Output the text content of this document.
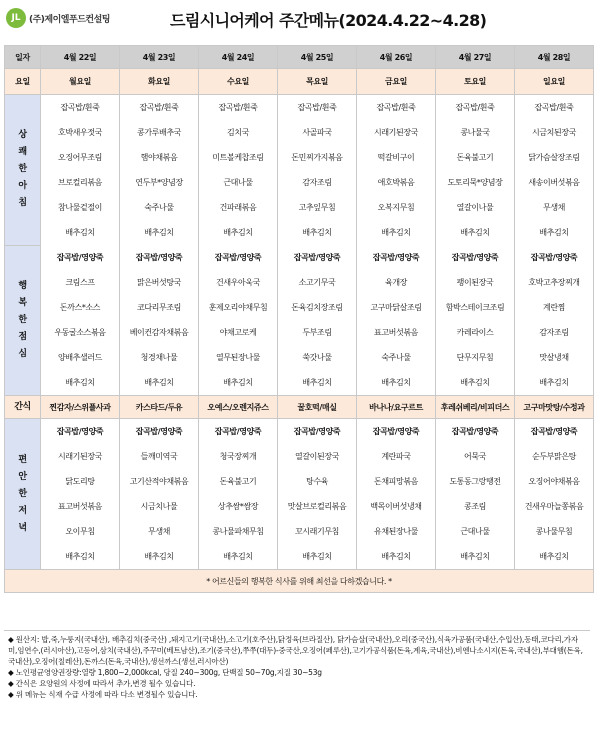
JL (주)제이엘푸드컨설팅	드림시니어케어 주간메뉴(2024.4.22~4.28)
일자	4월 22일	4월 23일	4월 24일	4월 25일	4월 26일	4월 27일	4월 28일
요일	월요일	화요일	수요일	목요일	금요일	토요일	일요일

상
쾌
한
아
침	잡곡밥/흰죽	잡곡밥/흰죽	잡곡밥/흰죽	잡곡밥/흰죽	잡곡밥/흰죽	잡곡밥/흰죽	잡곡밥/흰죽
	호박새우젓국	콩가루배추국	김치국	사골파국	시래기된장국	콩나물국	시금치된장국
	오징어무조림	햄야채볶음	미트볼케찹조림	돈민찌가지볶음	떡갈비구이	돈육불고기	닭가슴살장조림
	브로컬리볶음	연두부*양념장	근대나물	감자조림	애호박볶음	도토리묵*양념장	새송이버섯볶음
	참나물겉절이	숙주나물	건파래볶음	고추잎무침	오복지무침	열갈이나물	무생채
	배추김치	배추김치	배추김치	배추김치	배추김치	배추김치	배추김치

행
복
한
점
심	잡곡밥/영양죽	잡곡밥/영양죽	잡곡밥/영양죽	잡곡밥/영양죽	잡곡밥/영양죽	잡곡밥/영양죽	잡곡밥/영양죽
	크림스프	맑은버섯탕국	건새우아욱국	소고기무국	육개장	팽이된장국	호박고추장찌개
	돈까스*소스	코다리무조림	훈제오리야채무침	돈육김치장조림	고구마닭살조림	함박스테이크조림	계란찜
	우동굴소스볶음	베이컨감자채볶음	야채고로케	두부조림	표고버섯볶음	카레라이스	감자조림
	양배추샐러드	청경채나물	열무된장나물	쑥갓나물	숙주나물	단무지무침	맛살냉채
	배추김치	배추김치	배추김치	배추김치	배추김치	배추김치	배추김치
간식	찐감자/스위플사과	카스타드/두유	오예스/오렌지쥬스	꿀호떡/매실	바나나/요구르트	후레쉬베리/비피더스	고구마맛탕/수정과

편
안
한
저
녁	잡곡밥/영양죽	잡곡밥/영양죽	잡곡밥/영양죽	잡곡밥/영양죽	잡곡밥/영양죽	잡곡밥/영양죽	잡곡밥/영양죽
	시래기된장국	들깨미역국	청국장찌개	열갈이된장국	계란파국	어묵국	순두부맑은탕
	닭도리탕	고기산적야채볶음	돈육불고기	탕수육	돈채피망볶음	도통동그랑땡전	오징어야채볶음
	표고버섯볶음	시금치나물	상추쌈*쌈장	맛살브로컬리볶음	백목이버섯냉채	콩조림	건새우마늘쫑볶음
	오이무침	무생채	콩나물파채무침	꼬시래기무침	유채된장나물	근대나물	콩나물무침
	배추김치	배추김치	배추김치	배추김치	배추김치	배추김치	배추김치
* 어르신들의 행복한 식사를 위해 최선을 다하겠습니다. *							

◆ 원산지: 밥,죽,누룽지(국내산), 배추김치(중국산) ,돼지고기(국내산),소고기(호주산),닭정육(브라질산), 닭가슴살(국내산),오리(중국산),식육가공품(국내산,수입산),동태,코다리,가자미,임연수,(러시아산),고등어,삼치(국내산),주꾸미(베트남산),조기(중국산),쭈쭈(대두)-중국산,오징어(페루산),고기가공식품(돈육,계육,국내산),비엔나소시지(돈육,국내산),부대햄(돈육, 국내산),오징어(칠레산),돈까스(돈육,국내산),생선까스(생선,러시아산)

◆ 노인평균영양권장량:열량 1,800~2,000kcal, 당질 240~300g, 단백질 50~70g,지질 30~53g

◆ 간식은 요양원의 사정에 따라서 추가,변경 될수 있습니다.

◆ 위 메뉴는 식재 수급 사정에 따라 다소 변경될수 있습니다.
